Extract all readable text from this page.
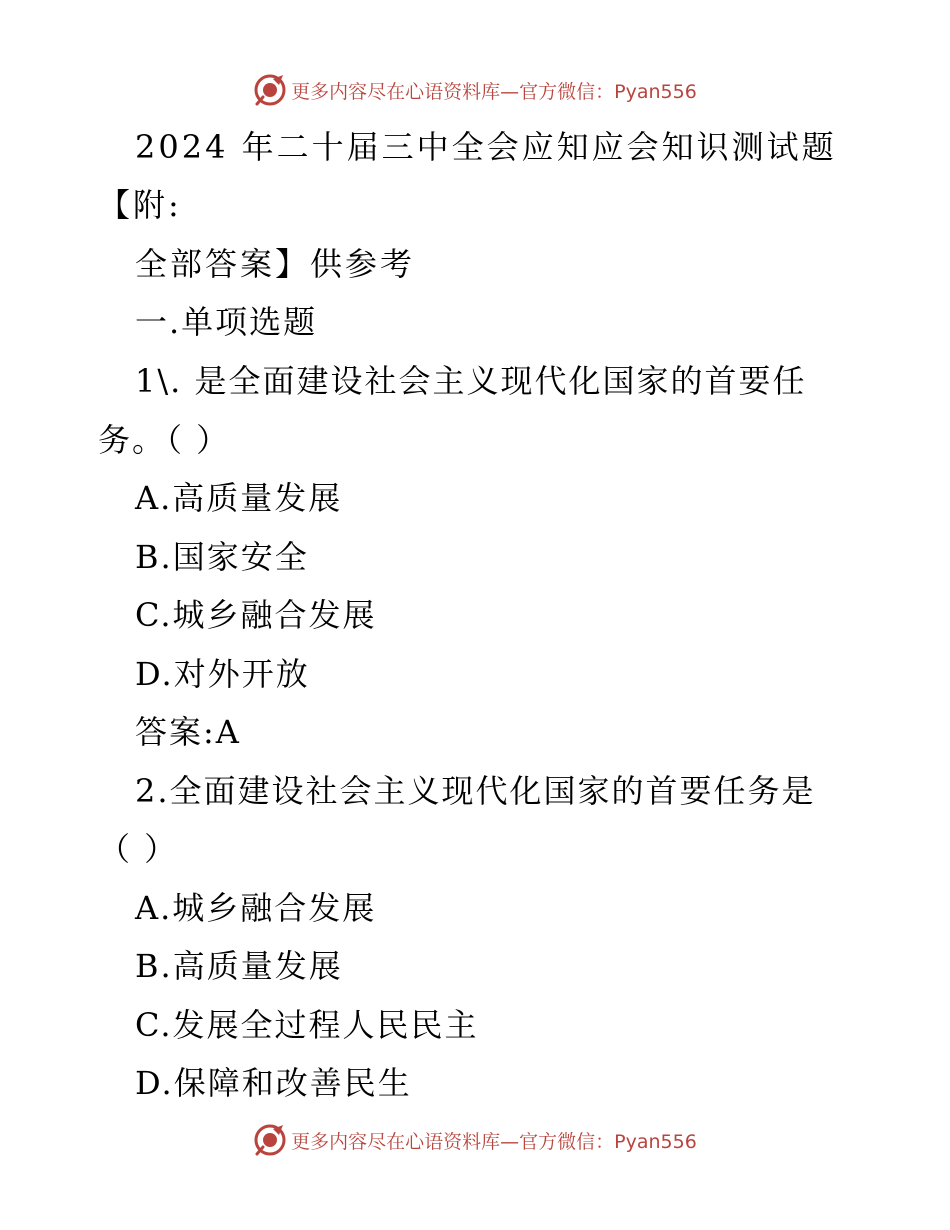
更多内容尽在心语资料库—官方微信：Pyan556
2024 年二十届三中全会应知应会知识测试题
【附:
全部答案】供参考
一.单项选题
1\. 是全面建设社会主义现代化国家的首要任
务。（ ）
A.高质量发展
B.国家安全
C.城乡融合发展
D.对外开放
答案:A
2.全面建设社会主义现代化国家的首要任务是
（ ）
A.城乡融合发展
B.高质量发展
C.发展全过程人民民主
D.保障和改善民生
更多内容尽在心语资料库—官方微信：Pyan556
